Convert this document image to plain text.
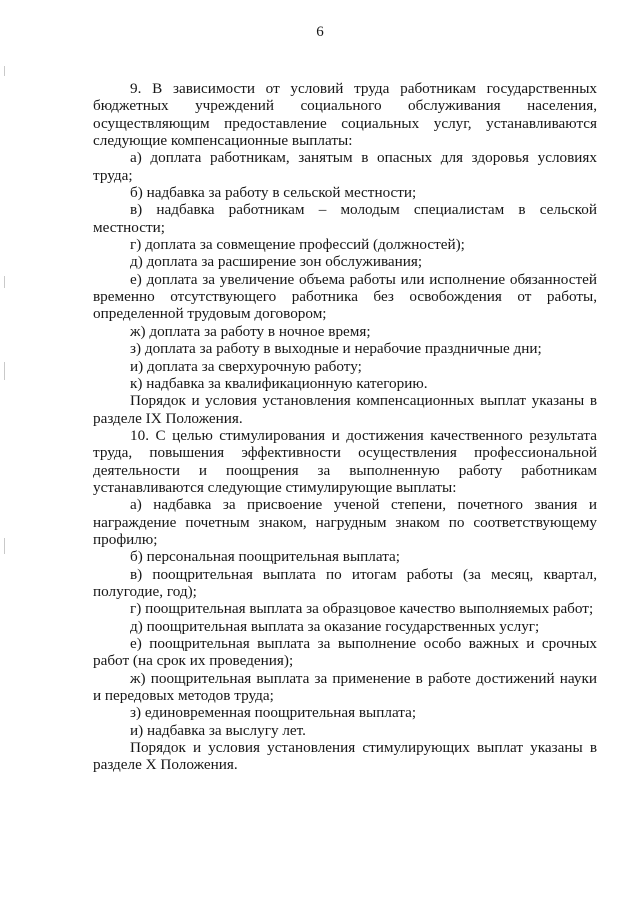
6

9. В зависимости от условий труда работникам государственных бюджетных учреждений социального обслуживания населения, осуществляющим предоставление социальных услуг, устанавливаются следующие компенсационные выплаты:

а) доплата работникам, занятым в опасных для здоровья условиях труда;

б) надбавка за работу в сельской местности;

в) надбавка работникам – молодым специалистам в сельской местности;

г) доплата за совмещение профессий (должностей);

д) доплата за расширение зон обслуживания;

е) доплата за увеличение объема работы или исполнение обязанностей временно отсутствующего работника без освобождения от работы, определенной трудовым договором;

ж) доплата за работу в ночное время;

з) доплата за работу в выходные и нерабочие праздничные дни;

и) доплата за сверхурочную работу;

к) надбавка за квалификационную категорию.

Порядок и условия установления компенсационных выплат указаны в разделе IX Положения.

10. С целью стимулирования и достижения качественного результата труда, повышения эффективности осуществления профессиональной деятельности и поощрения за выполненную работу работникам устанавливаются следующие стимулирующие выплаты:

а) надбавка за присвоение ученой степени, почетного звания и награждение почетным знаком, нагрудным знаком по соответствующему профилю;

б) персональная поощрительная выплата;

в) поощрительная выплата по итогам работы (за месяц, квартал, полугодие, год);

г) поощрительная выплата за образцовое качество выполняемых работ;

д) поощрительная выплата за оказание государственных услуг;

е) поощрительная выплата за выполнение особо важных и срочных работ (на срок их проведения);

ж) поощрительная выплата за применение в работе достижений науки и передовых методов труда;

з) единовременная поощрительная выплата;

и) надбавка за выслугу лет.

Порядок и условия установления стимулирующих выплат указаны в разделе X Положения.
